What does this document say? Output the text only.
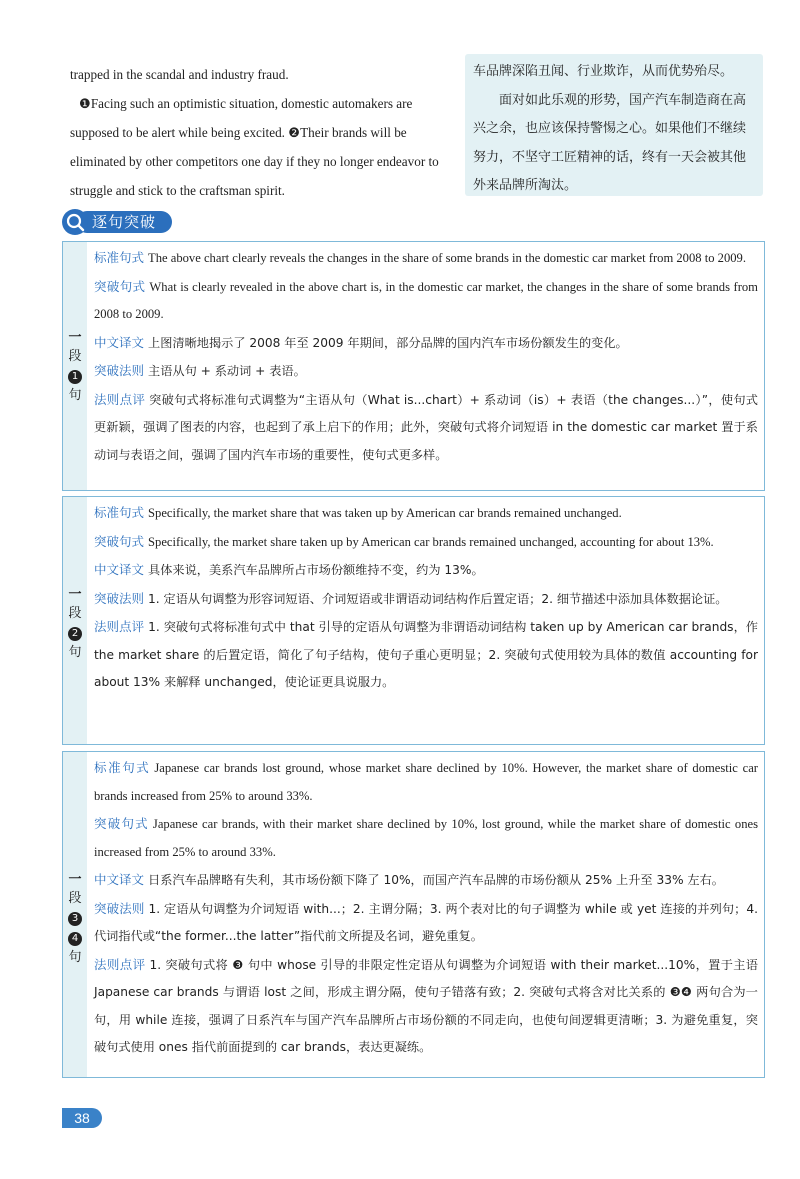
trapped in the scandal and industry fraud.

❶Facing such an optimistic situation, domestic automakers are supposed to be alert while being excited. ❷Their brands will be eliminated by other competitors one day if they no longer endeavor to struggle and stick to the craftsman spirit.

车品牌深陷丑闻、行业欺诈，从而优势殆尽。

面对如此乐观的形势，国产汽车制造商在高兴之余，也应该保持警惕之心。如果他们不继续努力，不坚守工匠精神的话，终有一天会被其他外来品牌所淘汰。

逐句突破
一
段
1
句

标准句式 The above chart clearly reveals the changes in the share of some brands in the domestic car market from 2008 to 2009.

突破句式 What is clearly revealed in the above chart is, in the domestic car market, the changes in the share of some brands from 2008 to 2009.

中文译文 上图清晰地揭示了 2008 年至 2009 年期间，部分品牌的国内汽车市场份额发生的变化。

突破法则 主语从句 + 系动词 + 表语。

法则点评 突破句式将标准句式调整为“主语从句（What is...chart）+ 系动词（is）+ 表语（the changes...）”，使句式更新颖，强调了图表的内容，也起到了承上启下的作用；此外，突破句式将介词短语 in the domestic car market 置于系动词与表语之间，强调了国内汽车市场的重要性，使句式更多样。

一
段
2
句

标准句式 Specifically, the market share that was taken up by American car brands remained unchanged.

突破句式 Specifically, the market share taken up by American car brands remained unchanged, accounting for about 13%.

中文译文 具体来说，美系汽车品牌所占市场份额维持不变，约为 13%。

突破法则 1. 定语从句调整为形容词短语、介词短语或非谓语动词结构作后置定语；2. 细节描述中添加具体数据论证。

法则点评 1. 突破句式将标准句式中 that 引导的定语从句调整为非谓语动词结构 taken up by American car brands，作 the market share 的后置定语，简化了句子结构，使句子重心更明显；2. 突破句式使用较为具体的数值 accounting for about 13% 来解释 unchanged，使论证更具说服力。

一
段
3 4
句

标准句式 Japanese car brands lost ground, whose market share declined by 10%. However, the market share of domestic car brands increased from 25% to around 33%.

突破句式 Japanese car brands, with their market share declined by 10%, lost ground, while the market share of domestic ones increased from 25% to around 33%.

中文译文 日系汽车品牌略有失利，其市场份额下降了 10%，而国产汽车品牌的市场份额从 25% 上升至 33% 左右。

突破法则 1. 定语从句调整为介词短语 with...；2. 主谓分隔；3. 两个表对比的句子调整为 while 或 yet 连接的并列句；4. 代词指代或“the former...the latter”指代前文所提及名词，避免重复。

法则点评 1. 突破句式将 ❸ 句中 whose 引导的非限定性定语从句调整为介词短语 with their market...10%，置于主语 Japanese car brands 与谓语 lost 之间，形成主谓分隔，使句子错落有致；2. 突破句式将含对比关系的 ❸❹ 两句合为一句，用 while 连接，强调了日系汽车与国产汽车品牌所占市场份额的不同走向，也使句间逻辑更清晰；3. 为避免重复，突破句式使用 ones 指代前面提到的 car brands，表达更凝练。

38
